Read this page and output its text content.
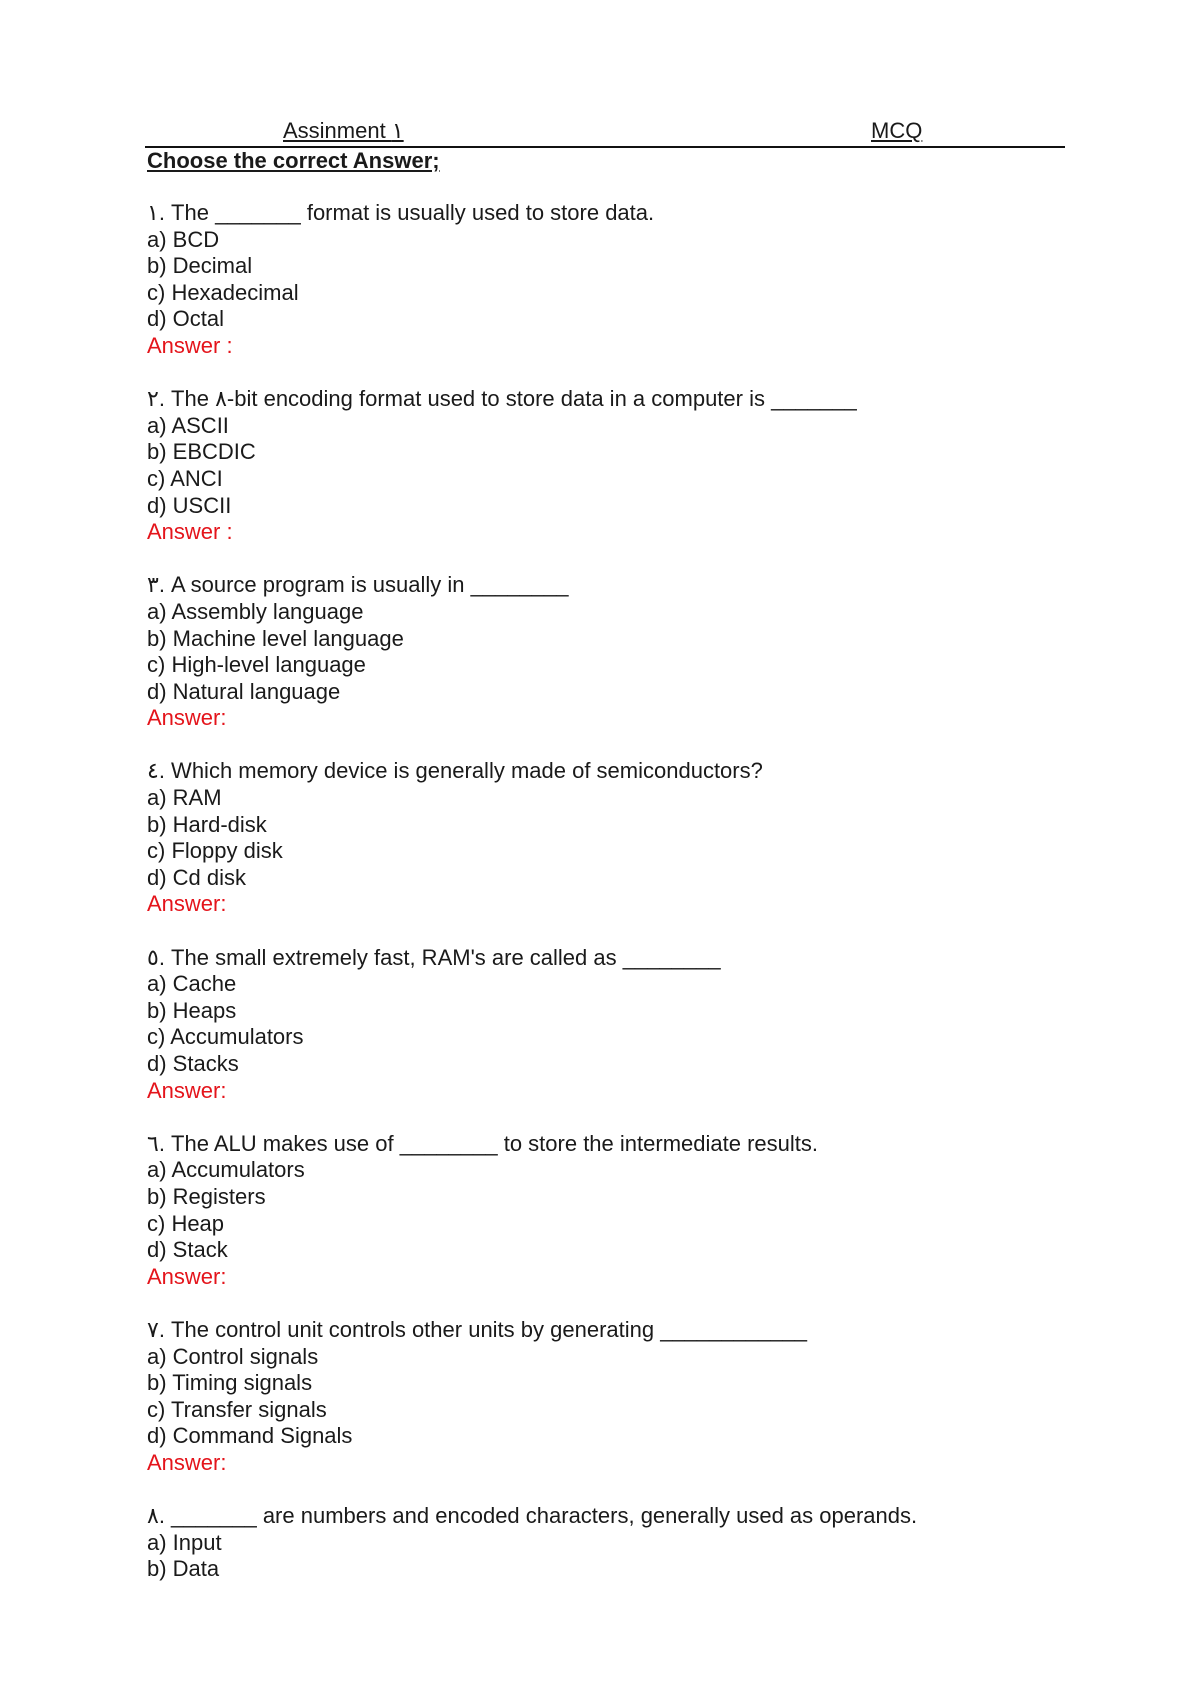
Assinment ١	MCQ
Choose the correct Answer;
١. The _______ format is usually used to store data.
a) BCD
b) Decimal
c) Hexadecimal
d) Octal
Answer :
٢. The ٨-bit encoding format used to store data in a computer is _______
a) ASCII
b) EBCDIC
c) ANCI
d) USCII
Answer :
٣. A source program is usually in ________
a) Assembly language
b) Machine level language
c) High-level language
d) Natural language
Answer:
٤. Which memory device is generally made of semiconductors?
a) RAM
b) Hard-disk
c) Floppy disk
d) Cd disk
Answer:
٥. The small extremely fast, RAM's are called as ________
a) Cache
b) Heaps
c) Accumulators
d) Stacks
Answer:
٦. The ALU makes use of ________ to store the intermediate results.
a) Accumulators
b) Registers
c) Heap
d) Stack
Answer:
٧. The control unit controls other units by generating ____________
a) Control signals
b) Timing signals
c) Transfer signals
d) Command Signals
Answer:
٨. _______ are numbers and encoded characters, generally used as operands.
a) Input
b) Data
